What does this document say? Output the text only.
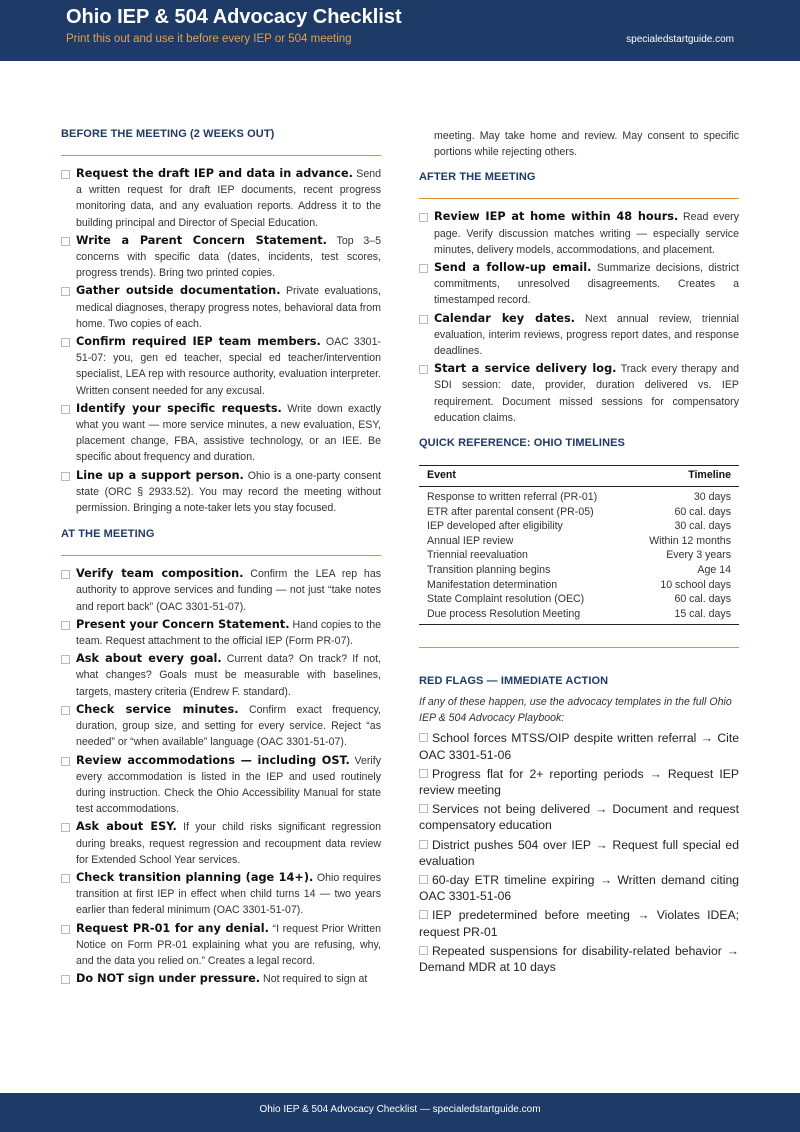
Ohio IEP & 504 Advocacy Checklist
Print this out and use it before every IEP or 504 meeting	specialedstartguide.com
BEFORE THE MEETING (2 WEEKS OUT)
Request the draft IEP and data in advance. Send a written request for draft IEP documents, recent progress monitoring data, and any evaluation reports. Address it to the building principal and Director of Special Education.
Write a Parent Concern Statement. Top 3–5 concerns with specific data (dates, incidents, test scores, progress trends). Bring two printed copies.
Gather outside documentation. Private evaluations, medical diagnoses, therapy progress notes, behavioral data from home. Two copies of each.
Confirm required IEP team members. OAC 3301-51-07: you, gen ed teacher, special ed teacher/intervention specialist, LEA rep with resource authority, evaluation interpreter. Written consent needed for any excusal.
Identify your specific requests. Write down exactly what you want — more service minutes, a new evaluation, ESY, placement change, FBA, assistive technology, or an IEE. Be specific about frequency and duration.
Line up a support person. Ohio is a one-party consent state (ORC § 2933.52). You may record the meeting without permission. Bringing a note-taker lets you stay focused.
AT THE MEETING
Verify team composition. Confirm the LEA rep has authority to approve services and funding — not just “take notes and report back” (OAC 3301-51-07).
Present your Concern Statement. Hand copies to the team. Request attachment to the official IEP (Form PR-07).
Ask about every goal. Current data? On track? If not, what changes? Goals must be measurable with baselines, targets, mastery criteria (Endrew F. standard).
Check service minutes. Confirm exact frequency, duration, group size, and setting for every service. Reject “as needed” or “when available” language (OAC 3301-51-07).
Review accommodations — including OST. Verify every accommodation is listed in the IEP and used routinely during instruction. Check the Ohio Accessibility Manual for state test accommodations.
Ask about ESY. If your child risks significant regression during breaks, request regression and recoupment data review for Extended School Year services.
Check transition planning (age 14+). Ohio requires transition at first IEP in effect when child turns 14 — two years earlier than federal minimum (OAC 3301-51-07).
Request PR-01 for any denial. “I request Prior Written Notice on Form PR-01 explaining what you are refusing, why, and the data you relied on.” Creates a legal record.
Do NOT sign under pressure. Not required to sign at
meeting. May take home and review. May consent to specific portions while rejecting others.
AFTER THE MEETING
Review IEP at home within 48 hours. Read every page. Verify discussion matches writing — especially service minutes, delivery models, accommodations, and placement.
Send a follow-up email. Summarize decisions, district commitments, unresolved disagreements. Creates a timestamped record.
Calendar key dates. Next annual review, triennial evaluation, interim reviews, progress report dates, and response deadlines.
Start a service delivery log. Track every therapy and SDI session: date, provider, duration delivered vs. IEP requirement. Document missed sessions for compensatory education claims.
QUICK REFERENCE: OHIO TIMELINES
Event	Timeline
Response to written referral (PR-01)	30 days
ETR after parental consent (PR-05)	60 cal. days
IEP developed after eligibility	30 cal. days
Annual IEP review	Within 12 months
Triennial reevaluation	Every 3 years
Transition planning begins	Age 14
Manifestation determination	10 school days
State Complaint resolution (OEC)	60 cal. days
Due process Resolution Meeting	15 cal. days
RED FLAGS — IMMEDIATE ACTION
If any of these happen, use the advocacy templates in the full Ohio IEP & 504 Advocacy Playbook:
School forces MTSS/OIP despite written referral → Cite OAC 3301-51-06
Progress flat for 2+ reporting periods → Request IEP review meeting
Services not being delivered → Document and request compensatory education
District pushes 504 over IEP → Request full special ed evaluation
60-day ETR timeline expiring → Written demand citing OAC 3301-51-06
IEP predetermined before meeting → Violates IDEA; request PR-01
Repeated suspensions for disability-related behavior → Demand MDR at 10 days
Ohio IEP & 504 Advocacy Checklist — specialedstartguide.com
